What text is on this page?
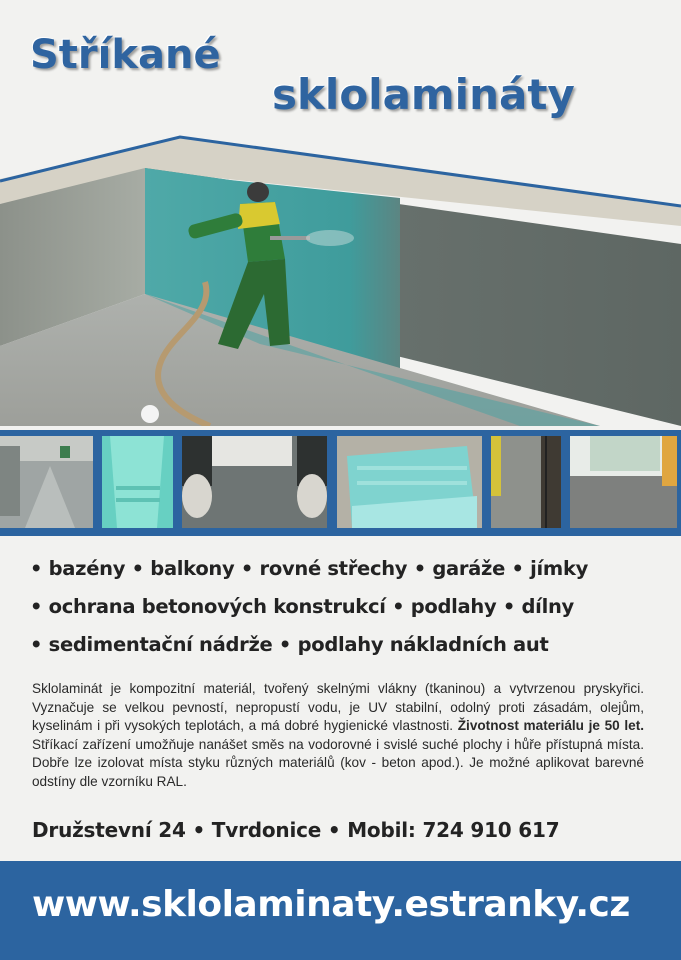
Stříkané
sklolamináty
• bazény • balkony • rovné střechy • garáže • jímky
• ochrana betonových konstrukcí • podlahy • dílny
• sedimentační nádrže • podlahy nákladních aut
Sklolaminát je kompozitní materiál, tvořený skelnými vlákny (tkaninou) a vytvrzenou pryskyřici. Vyznačuje se velkou pevností, nepropustí vodu, je UV stabilní, odolný proti zásadám, olejům, kyselinám i při vysokých teplotách, a má dobré hygienické vlastnosti. Životnost materiálu je 50 let. Stříkací zařízení umožňuje nanášet směs na vodorovné i svislé suché plochy i hůře přístupná místa. Dobře lze izolovat místa styku různých materiálů (kov - beton apod.). Je možné aplikovat barevné odstíny dle vzorníku RAL.
Družstevní 24 • Tvrdonice • Mobil: 724 910 617
www.sklolaminaty.estranky.cz
